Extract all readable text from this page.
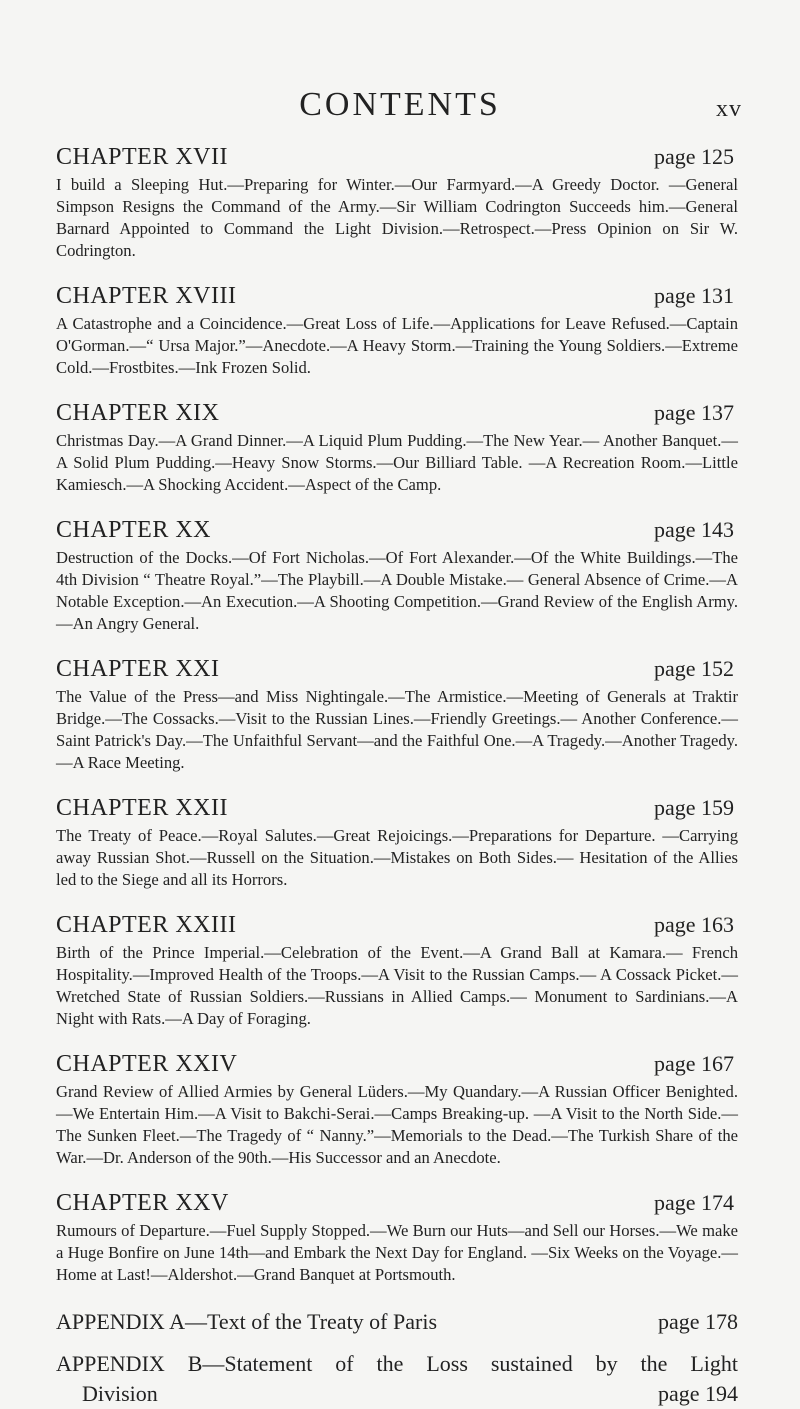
CONTENTS	xv
CHAPTER XVII	page 125
I build a Sleeping Hut.—Preparing for Winter.—Our Farmyard.—A Greedy Doctor. —General Simpson Resigns the Command of the Army.—Sir William Codrington Succeeds him.—General Barnard Appointed to Command the Light Division.—Retrospect.—Press Opinion on Sir W. Codrington.
CHAPTER XVIII	page 131
A Catastrophe and a Coincidence.—Great Loss of Life.—Applications for Leave Refused.—Captain O'Gorman.—“ Ursa Major.”—Anecdote.—A Heavy Storm.—Training the Young Soldiers.—Extreme Cold.—Frostbites.—Ink Frozen Solid.
CHAPTER XIX	page 137
Christmas Day.—A Grand Dinner.—A Liquid Plum Pudding.—The New Year.— Another Banquet.—A Solid Plum Pudding.—Heavy Snow Storms.—Our Billiard Table. —A Recreation Room.—Little Kamiesch.—A Shocking Accident.—Aspect of the Camp.
CHAPTER XX	page 143
Destruction of the Docks.—Of Fort Nicholas.—Of Fort Alexander.—Of the White Buildings.—The 4th Division “ Theatre Royal.”—The Playbill.—A Double Mistake.— General Absence of Crime.—A Notable Exception.—An Execution.—A Shooting Competition.—Grand Review of the English Army.—An Angry General.
CHAPTER XXI	page 152
The Value of the Press—and Miss Nightingale.—The Armistice.—Meeting of Generals at Traktir Bridge.—The Cossacks.—Visit to the Russian Lines.—Friendly Greetings.— Another Conference.—Saint Patrick's Day.—The Unfaithful Servant—and the Faithful One.—A Tragedy.—Another Tragedy.—A Race Meeting.
CHAPTER XXII	page 159
The Treaty of Peace.—Royal Salutes.—Great Rejoicings.—Preparations for Departure. —Carrying away Russian Shot.—Russell on the Situation.—Mistakes on Both Sides.— Hesitation of the Allies led to the Siege and all its Horrors.
CHAPTER XXIII	page 163
Birth of the Prince Imperial.—Celebration of the Event.—A Grand Ball at Kamara.— French Hospitality.—Improved Health of the Troops.—A Visit to the Russian Camps.— A Cossack Picket.—Wretched State of Russian Soldiers.—Russians in Allied Camps.— Monument to Sardinians.—A Night with Rats.—A Day of Foraging.
CHAPTER XXIV	page 167
Grand Review of Allied Armies by General Lüders.—My Quandary.—A Russian Officer Benighted.—We Entertain Him.—A Visit to Bakchi-Serai.—Camps Breaking-up. —A Visit to the North Side.—The Sunken Fleet.—The Tragedy of “ Nanny.”—Memorials to the Dead.—The Turkish Share of the War.—Dr. Anderson of the 90th.—His Successor and an Anecdote.
CHAPTER XXV	page 174
Rumours of Departure.—Fuel Supply Stopped.—We Burn our Huts—and Sell our Horses.—We make a Huge Bonfire on June 14th—and Embark the Next Day for England. —Six Weeks on the Voyage.—Home at Last!—Aldershot.—Grand Banquet at Portsmouth.
APPENDIX A—Text of the Treaty of Paris	page 178
APPENDIX B—Statement of the Loss sustained by the Light
Division	page 194
